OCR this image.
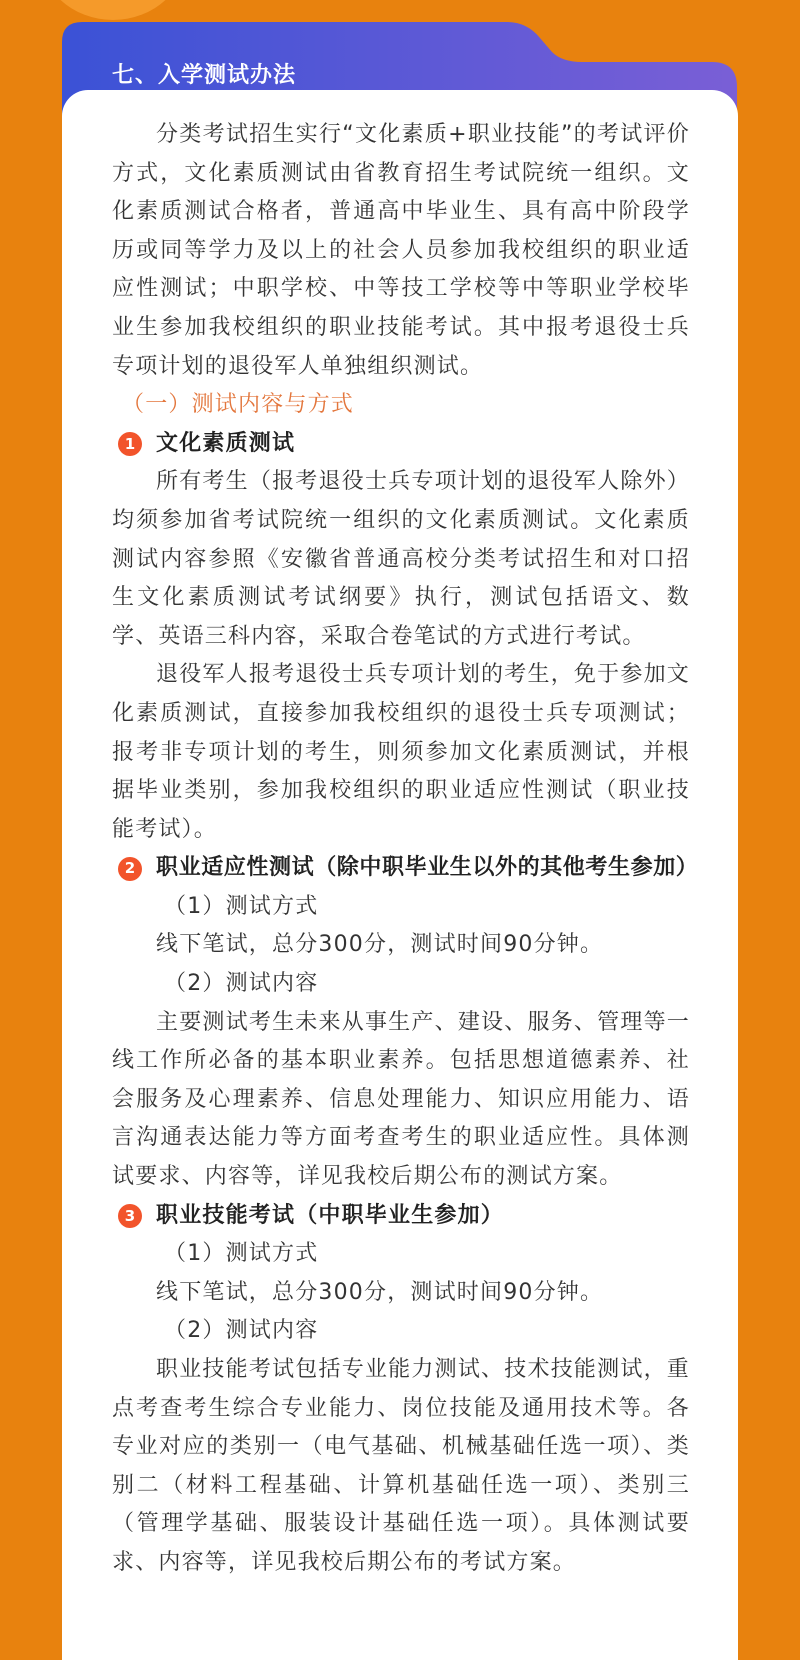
七、入学测试办法

分类考试招生实行“文化素质+职业技能”的考试评价方式，文化素质测试由省教育招生考试院统一组织。文化素质测试合格者，普通高中毕业生、具有高中阶段学历或同等学力及以上的社会人员参加我校组织的职业适应性测试；中职学校、中等技工学校等中等职业学校毕业生参加我校组织的职业技能考试。其中报考退役士兵专项计划的退役军人单独组织测试。

（一）测试内容与方式

1 文化素质测试

所有考生（报考退役士兵专项计划的退役军人除外）均须参加省考试院统一组织的文化素质测试。文化素质测试内容参照《安徽省普通高校分类考试招生和对口招生文化素质测试考试纲要》执行，测试包括语文、数学、英语三科内容，采取合卷笔试的方式进行考试。

退役军人报考退役士兵专项计划的考生，免于参加文化素质测试，直接参加我校组织的退役士兵专项测试；报考非专项计划的考生，则须参加文化素质测试，并根据毕业类别，参加我校组织的职业适应性测试（职业技能考试）。

2 职业适应性测试（除中职毕业生以外的其他考生参加）

（1）测试方式

线下笔试，总分300分，测试时间90分钟。

（2）测试内容

主要测试考生未来从事生产、建设、服务、管理等一线工作所必备的基本职业素养。包括思想道德素养、社会服务及心理素养、信息处理能力、知识应用能力、语言沟通表达能力等方面考查考生的职业适应性。具体测试要求、内容等，详见我校后期公布的测试方案。

3 职业技能考试（中职毕业生参加）

（1）测试方式

线下笔试，总分300分，测试时间90分钟。

（2）测试内容

职业技能考试包括专业能力测试、技术技能测试，重点考查考生综合专业能力、岗位技能及通用技术等。各专业对应的类别一（电气基础、机械基础任选一项）、类别二（材料工程基础、计算机基础任选一项）、类别三（管理学基础、服装设计基础任选一项）。具体测试要求、内容等，详见我校后期公布的考试方案。
